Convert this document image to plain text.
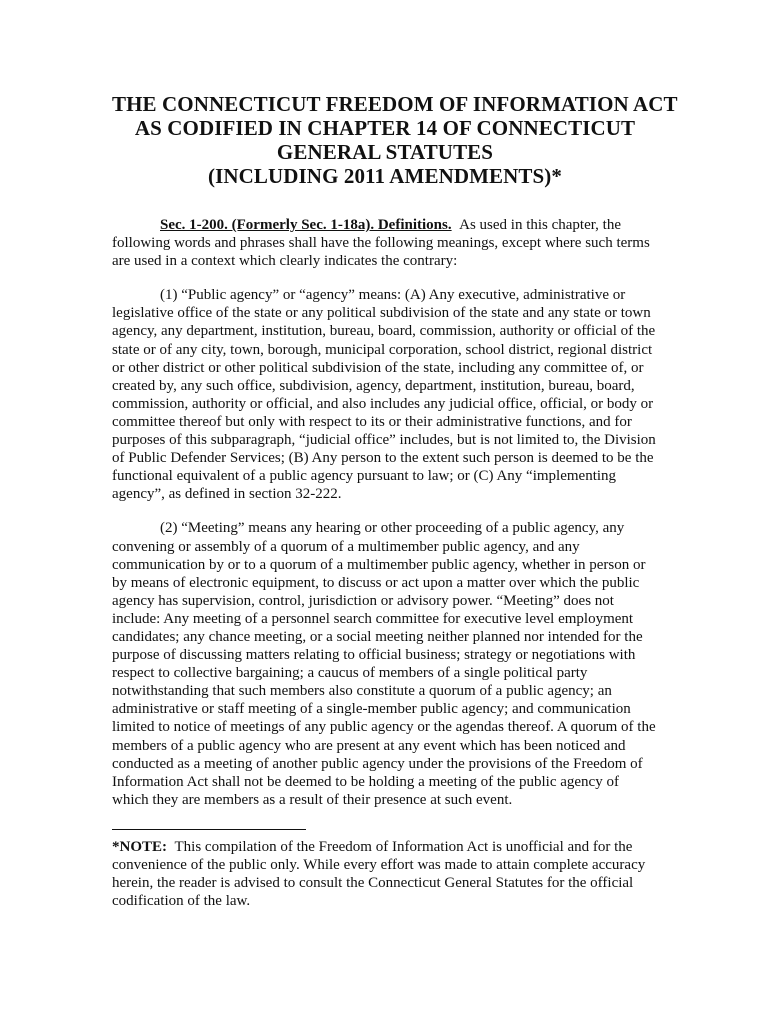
THE CONNECTICUT FREEDOM OF INFORMATION ACT
AS CODIFIED IN CHAPTER 14 OF CONNECTICUT
GENERAL STATUTES
(INCLUDING 2011 AMENDMENTS)*

Sec. 1-200. (Formerly Sec. 1-18a). Definitions. As used in this chapter, the following words and phrases shall have the following meanings, except where such terms are used in a context which clearly indicates the contrary:

(1) “Public agency” or “agency” means: (A) Any executive, administrative or legislative office of the state or any political subdivision of the state and any state or town agency, any department, institution, bureau, board, commission, authority or official of the state or of any city, town, borough, municipal corporation, school district, regional district or other district or other political subdivision of the state, including any committee of, or created by, any such office, subdivision, agency, department, institution, bureau, board, commission, authority or official, and also includes any judicial office, official, or body or committee thereof but only with respect to its or their administrative functions, and for purposes of this subparagraph, “judicial office” includes, but is not limited to, the Division of Public Defender Services; (B) Any person to the extent such person is deemed to be the functional equivalent of a public agency pursuant to law; or (C) Any “implementing agency”, as defined in section 32-222.

(2) “Meeting” means any hearing or other proceeding of a public agency, any convening or assembly of a quorum of a multimember public agency, and any communication by or to a quorum of a multimember public agency, whether in person or by means of electronic equipment, to discuss or act upon a matter over which the public agency has supervision, control, jurisdiction or advisory power. “Meeting” does not include: Any meeting of a personnel search committee for executive level employment candidates; any chance meeting, or a social meeting neither planned nor intended for the purpose of discussing matters relating to official business; strategy or negotiations with respect to collective bargaining; a caucus of members of a single political party notwithstanding that such members also constitute a quorum of a public agency; an administrative or staff meeting of a single-member public agency; and communication limited to notice of meetings of any public agency or the agendas thereof. A quorum of the members of a public agency who are present at any event which has been noticed and conducted as a meeting of another public agency under the provisions of the Freedom of Information Act shall not be deemed to be holding a meeting of the public agency of which they are members as a result of their presence at such event.

*NOTE: This compilation of the Freedom of Information Act is unofficial and for the convenience of the public only. While every effort was made to attain complete accuracy herein, the reader is advised to consult the Connecticut General Statutes for the official codification of the law.
